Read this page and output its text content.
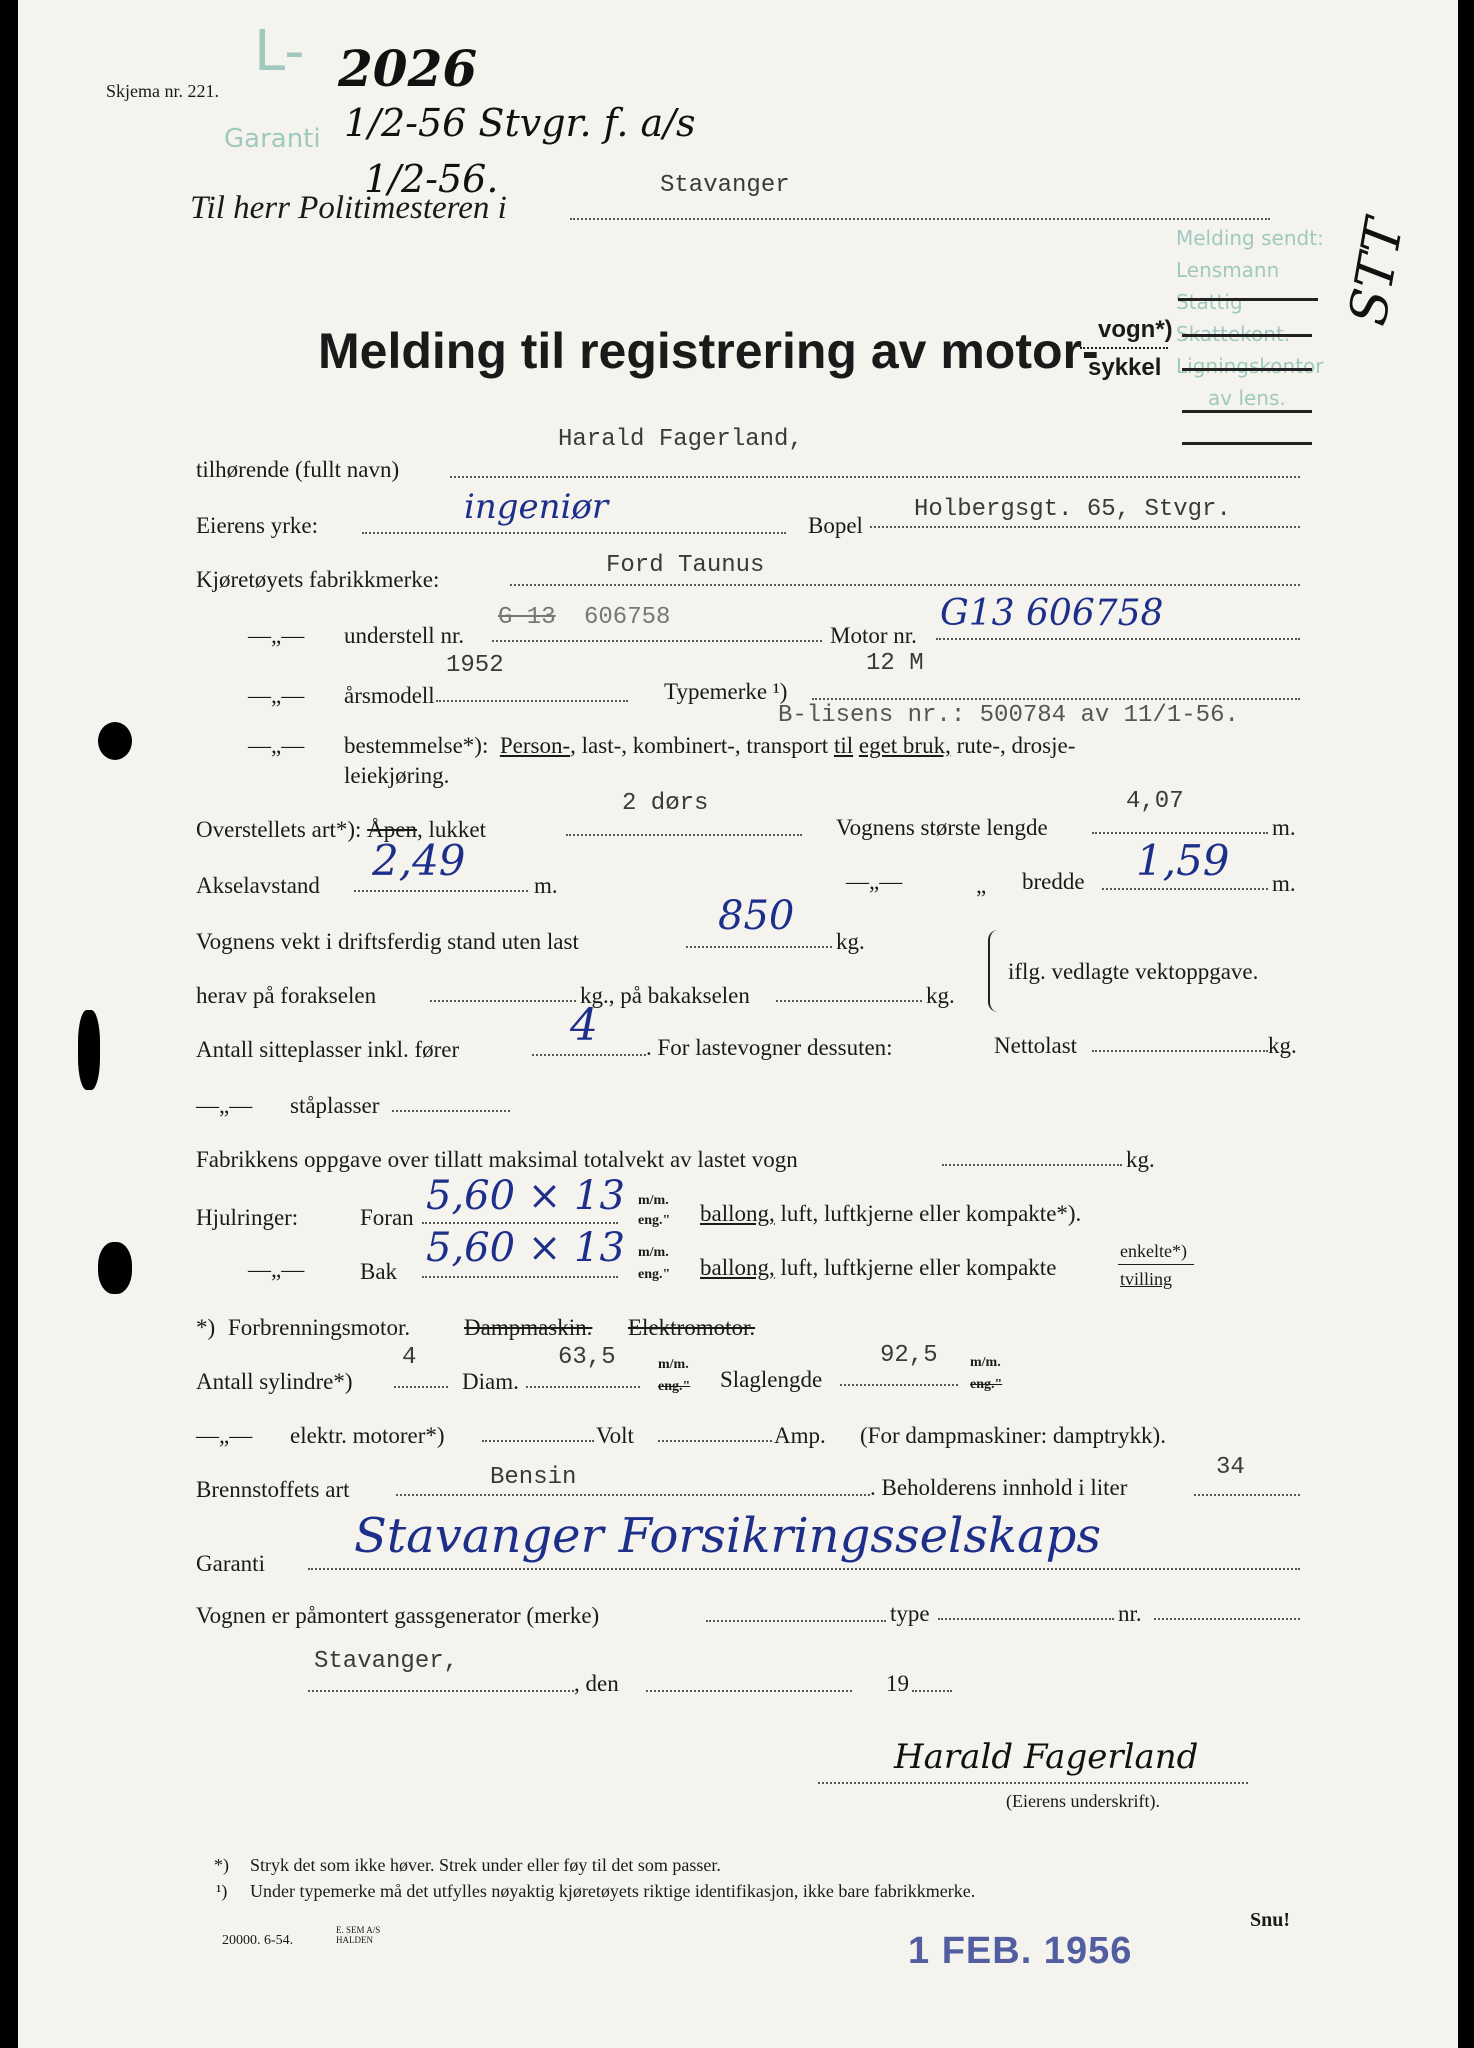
Skjema nr. 221.
L-
Garanti
2026
1/2-56 Stvgr. f. a/s
1/2-56.
Til herr Politimesteren i
Stavanger
Melding sendt:
Lensmann
Stattig
Skattekont.
Ligningskontor
av lens.
STT
Melding til registrering av motor- vogn*)
sykkel
Harald Fagerland,
tilhørende (fullt navn)
Eierens yrke:	ingeniør	Bopel
Holbergsgt. 65, Stvgr.
Kjøretøyets fabrikkmerke:
Ford Taunus
—„— understell nr.
G 13 606758
Motor nr.
G13 606758
—„— årsmodell
1952
Typemerke ¹)
12 M
B-lisens nr.: 500784 av 11/1-56.
—„— bestemmelse*): Person-, last-, kombinert-, transport til eget bruk, rute-, drosje-
leiekjøring.
Overstellets art*): Åpen, lukket
2 dørs
Vognens største lengde
4,07
m.
Akselavstand
2,49
m.	—„—	„ bredde 1,59 m.
Vognens vekt i driftsferdig stand uten last
850
kg.
herav på forakselen	kg., på bakakselen	kg.
iflg. vedlagte vektoppgave.
Antall sitteplasser inkl. fører	4 . For lastevogner dessuten:	Nettolast	kg.
—„— ståplasser
Fabrikkens oppgave over tillatt maksimal totalvekt av lastet vogn	kg.
Hjulringer:	Foran 5,60 × 13 m/m.
eng." ballong, luft, luftkjerne eller kompakte*).
—„— Bak
5,60 × 13 m/m.
eng." ballong, luft, luftkjerne eller kompakte
enkelte*)
tvilling
*) Forbrenningsmotor. Dampmaskin. Elektromotor.
Antall sylindre*)
4
Diam.
63,5	m/m.
eng." Slaglengde
92,5 m/m.
eng."
—„— elektr. motorer*)	Volt	Amp. (For dampmaskiner: damptrykk).
Brennstoffets art	Bensin	. Beholderens innhold i liter
34
Garanti Stavanger Forsikringsselskaps
Vognen er påmontert gassgenerator (merke)	type	nr.
Stavanger,
, den	19
Harald Fagerland
(Eierens underskrift).
*) Stryk det som ikke høver. Strek under eller føy til det som passer.
¹) Under typemerke må det utfylles nøyaktig kjøretøyets riktige identifikasjon, ikke bare fabrikkmerke.
20000. 6-54.
E. SEM A/S HALDEN	1 FEB. 1956
Snu!
